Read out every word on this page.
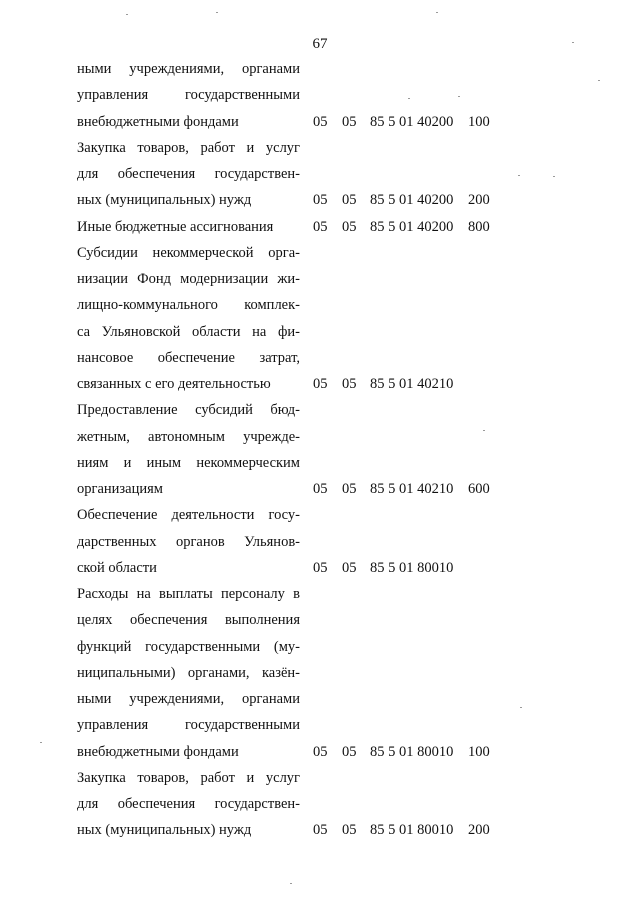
67
ными учреждениями, органами
управления государственными
внебюджетными фондами	05 05 85 5 01 40200 100
Закупка товаров, работ и услуг
для обеспечения государствен-
ных (муниципальных) нужд	05 05 85 5 01 40200 200
Иные бюджетные ассигнования	05 05 85 5 01 40200 800
Субсидии некоммерческой орга-
низации Фонд модернизации жи-
лищно-коммунального комплек-
са Ульяновской области на фи-
нансовое обеспечение затрат,
связанных с его деятельностью	05 05 85 5 01 40210
Предоставление субсидий бюд-
жетным, автономным учрежде-
ниям и иным некоммерческим
организациям	05 05 85 5 01 40210 600
Обеспечение деятельности госу-
дарственных органов Ульянов-
ской области	05 05 85 5 01 80010
Расходы на выплаты персоналу в
целях обеспечения выполнения
функций государственными (му-
ниципальными) органами, казён-
ными учреждениями, органами
управления государственными
внебюджетными фондами	05 05 85 5 01 80010 100
Закупка товаров, работ и услуг
для обеспечения государствен-
ных (муниципальных) нужд	05 05 85 5 01 80010 200
